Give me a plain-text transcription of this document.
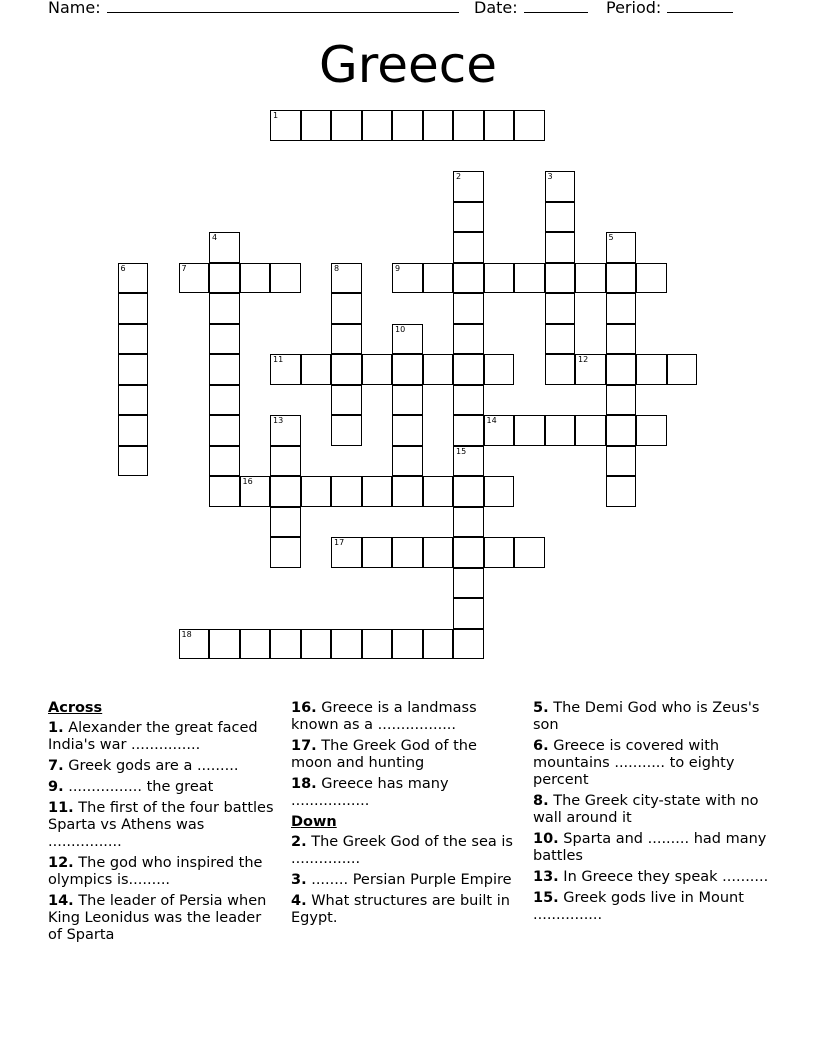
Name:	Date:	Period:
Greece
1
2	3
4	5
6	7	8	9
10
11	12
13	14
15
16
17
18
Across
1. Alexander the great faced India's war ...............
7. Greek gods are a .........
9. ................ the great
11. The first of the four battles Sparta vs Athens was ................
12. The god who inspired the olympics is.........
14. The leader of Persia when King Leonidus was the leader of Sparta
16. Greece is a landmass known as a .................
17. The Greek God of the moon and hunting
18. Greece has many .................
Down
2. The Greek God of the sea is ...............
3. ........ Persian Purple Empire
4. What structures are built in Egypt.
5. The Demi God who is Zeus's son
6. Greece is covered with mountains ........... to eighty percent
8. The Greek city-state with no wall around it
10. Sparta and ......... had many battles
13. In Greece they speak ..........
15. Greek gods live in Mount ...............
